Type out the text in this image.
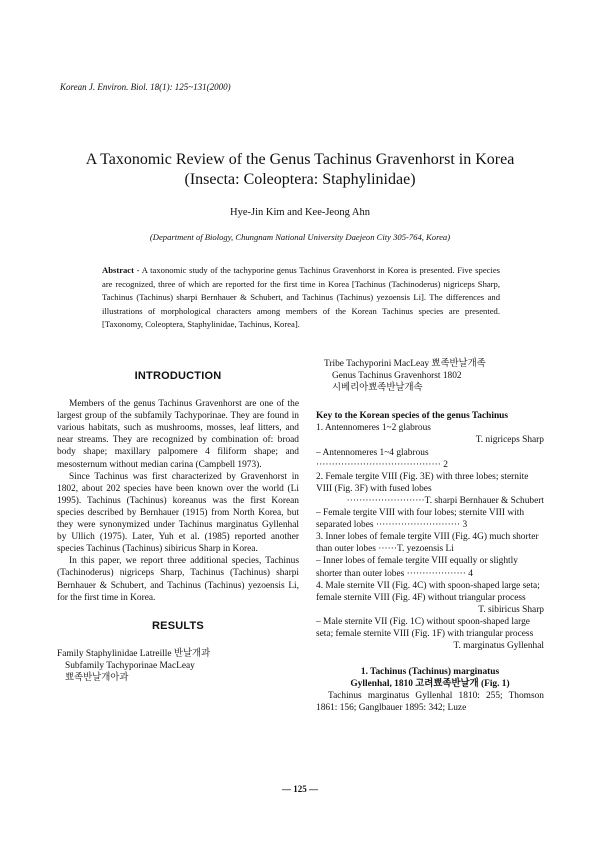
Korean J. Environ. Biol. 18(1): 125~131(2000)
A Taxonomic Review of the Genus Tachinus Gravenhorst in Korea
(Insecta: Coleoptera: Staphylinidae)
Hye-Jin Kim and Kee-Jeong Ahn
(Department of Biology, Chungnam National University Daejeon City 305-764, Korea)
Abstract - A taxonomic study of the tachyporine genus Tachinus Gravenhorst in Korea is presented. Five species are recognized, three of which are reported for the first time in Korea [Tachinus (Tachinoderus) nigriceps Sharp, Tachinus (Tachinus) sharpi Bernhauer & Schubert, and Tachinus (Tachinus) yezoensis Li]. The differences and illustrations of morphological characters among members of the Korean Tachinus species are presented. [Taxonomy, Coleoptera, Staphylinidae, Tachinus, Korea].
INTRODUCTION

Members of the genus Tachinus Gravenhorst are one of the largest group of the subfamily Tachyporinae. They are found in various habitats, such as mushrooms, mosses, leaf litters, and near streams. They are recognized by combination of: broad body shape; maxillary palpomere 4 filiform shape; and mesosternum without median carina (Campbell 1973).

Since Tachinus was first characterized by Gravenhorst in 1802, about 202 species have been known over the world (Li 1995). Tachinus (Tachinus) koreanus was the first Korean species described by Bernhauer (1915) from North Korea, but they were synonymized under Tachinus marginatus Gyllenhal by Ullich (1975). Later, Yuh et al. (1985) reported another species Tachinus (Tachinus) sibiricus Sharp in Korea.

In this paper, we report three additional species, Tachinus (Tachinoderus) nigriceps Sharp, Tachinus (Tachinus) sharpi Bernhauer & Schubert, and Tachinus (Tachinus) yezoensis Li, for the first time in Korea.

RESULTS

Family Staphylinidae Latreille 반날개과

Subfamily Tachyporinae MacLeay

뾰족반날개아과

Tribe Tachyporini MacLeay 뾰족반날개족

Genus Tachinus Gravenhorst 1802

시베리아뾰족반날개속

Key to the Korean species of the genus Tachinus

1. Antennomeres 1~2 glabrous

T. nigriceps Sharp

– Antennomeres 1~4 glabrous ········································ 2

2. Female tergite VIII (Fig. 3E) with three lobes; sternite VIII (Fig. 3F) with fused lobes

·························T. sharpi Bernhauer & Schubert

– Female tergite VIII with four lobes; sternite VIII with separated lobes ··························· 3

3. Inner lobes of female tergite VIII (Fig. 4G) much shorter than outer lobes ······T. yezoensis Li

– Inner lobes of female tergite VIII equally or slightly shorter than outer lobes ··················· 4

4. Male sternite VII (Fig. 4C) with spoon-shaped large seta; female sternite VIII (Fig. 4F) without triangular process

T. sibiricus Sharp

– Male sternite VII (Fig. 1C) without spoon-shaped large seta; female sternite VIII (Fig. 1F) with triangular process

T. marginatus Gyllenhal

1. Tachinus (Tachinus) marginatus

Gyllenhal, 1810 고려뾰족반날개 (Fig. 1)

Tachinus marginatus Gyllenhal 1810: 255; Thomson 1861: 156; Ganglbauer 1895: 342; Luze

— 125 —
